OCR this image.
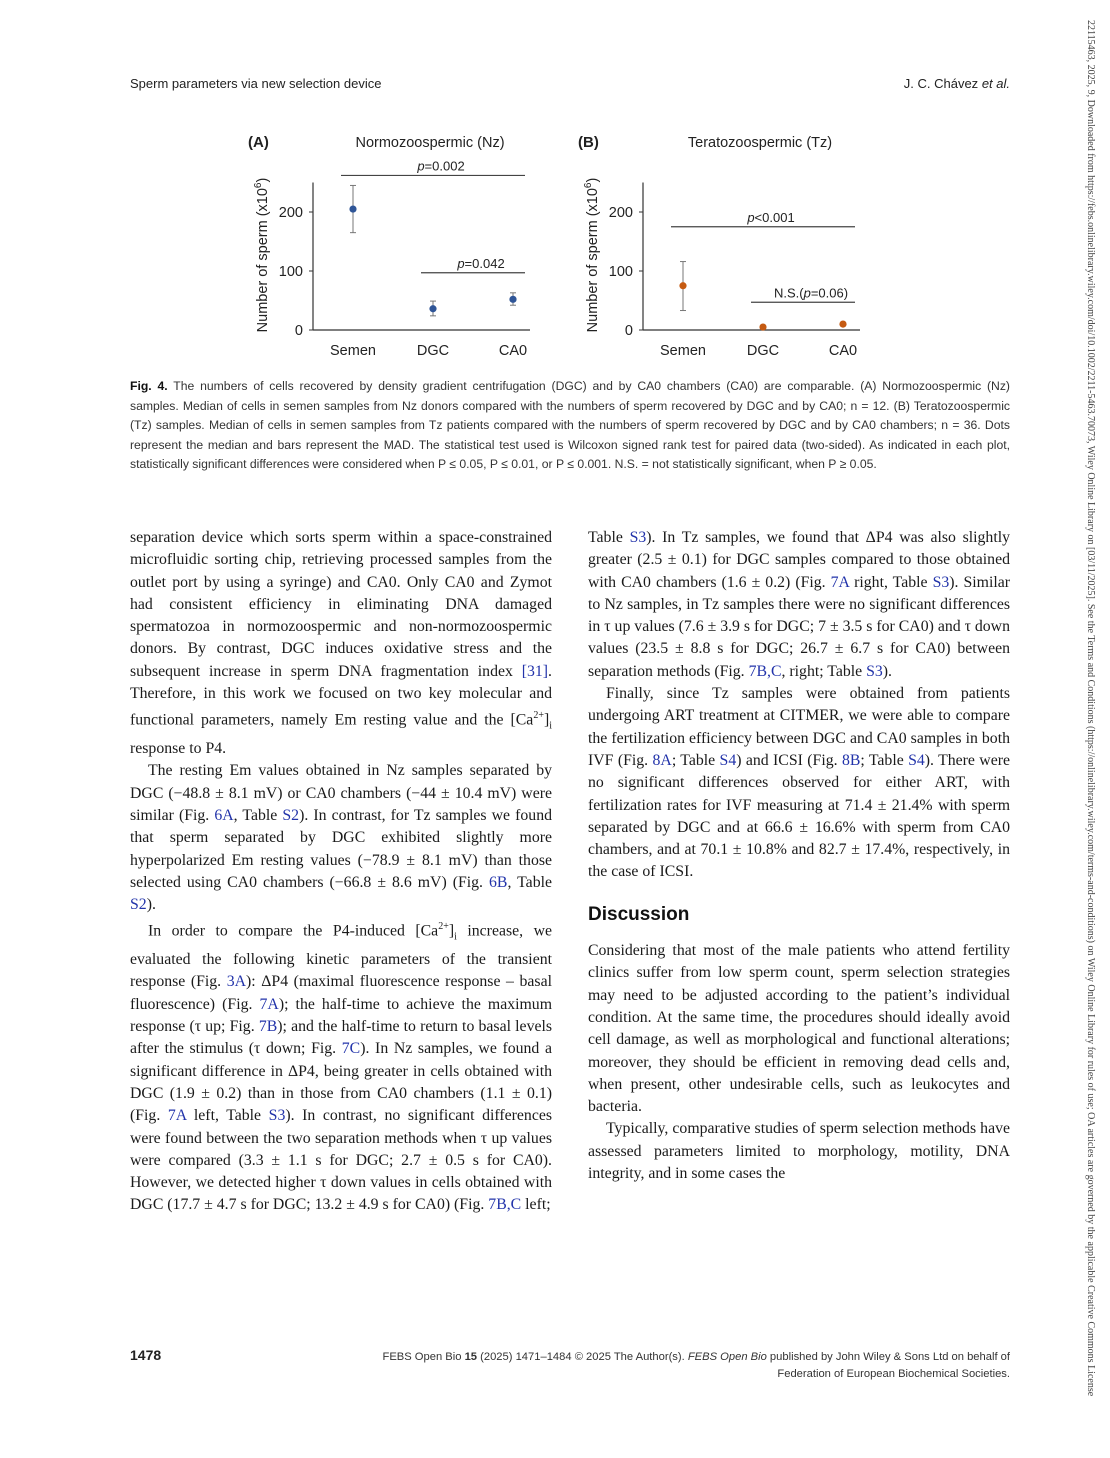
Sperm parameters via new selection device	J. C. Chávez et al.
(A)	Normozoospermic (Nz)
Number of sperm $(x10^6)$
0
100
200
Semen	DGC	CA0
p=0.002
p=0.042
(B)	Teratozoospermic (Tz)
Number of sperm $(x10^6)$
0
100
200
Semen	DGC	CA0
p<0.001
N.S.(p=0.06)
Fig. 4. The numbers of cells recovered by density gradient centrifugation (DGC) and by CA0 chambers (CA0) are comparable. (A) Normozoospermic (Nz) samples. Median of cells in semen samples from Nz donors compared with the numbers of sperm recovered by DGC and by CA0; n = 12. (B) Teratozoospermic (Tz) samples. Median of cells in semen samples from Tz patients compared with the numbers of sperm recovered by DGC and by CA0 chambers; n = 36. Dots represent the median and bars represent the MAD. The statistical test used is Wilcoxon signed rank test for paired data (two-sided). As indicated in each plot, statistically significant differences were considered when P ≤ 0.05, P ≤ 0.01, or P ≤ 0.001. N.S. = not statistically significant, when P ≥ 0.05.

separation device which sorts sperm within a space-constrained microfluidic sorting chip, retrieving processed samples from the outlet port by using a syringe) and CA0. Only CA0 and Zymot had consistent efficiency in eliminating DNA damaged spermatozoa in normozoospermic and non-normozoospermic donors. By contrast, DGC induces oxidative stress and the subsequent increase in sperm DNA fragmentation index [31]. Therefore, in this work we focused on two key molecular and functional parameters, namely Em resting value and the $[Ca^{2+}]_i$ response to P4.

The resting Em values obtained in Nz samples separated by DGC (−48.8 ± 8.1 mV) or CA0 chambers (−44 ± 10.4 mV) were similar (Fig. 6A, Table S2). In contrast, for Tz samples we found that sperm separated by DGC exhibited slightly more hyperpolarized Em resting values (−78.9 ± 8.1 mV) than those selected using CA0 chambers (−66.8 ± 8.6 mV) (Fig. 6B, Table S2).

In order to compare the P4-induced $[Ca^{2+}]_i$ increase, we evaluated the following kinetic parameters of the transient response (Fig. 3A): ΔP4 (maximal fluorescence response – basal fluorescence) (Fig. 7A); the half-time to achieve the maximum response (τ up; Fig. 7B); and the half-time to return to basal levels after the stimulus (τ down; Fig. 7C). In Nz samples, we found a significant difference in ΔP4, being greater in cells obtained with DGC (1.9 ± 0.2) than in those from CA0 chambers (1.1 ± 0.1) (Fig. 7A left, Table S3). In contrast, no significant differences were found between the two separation methods when τ up values were compared (3.3 ± 1.1 s for DGC; 2.7 ± 0.5 s for CA0). However, we detected higher τ down values in cells obtained with DGC (17.7 ± 4.7 s for DGC; 13.2 ± 4.9 s for CA0) (Fig. 7B,C left;

Table S3). In Tz samples, we found that ΔP4 was also slightly greater (2.5 ± 0.1) for DGC samples compared to those obtained with CA0 chambers (1.6 ± 0.2) (Fig. 7A right, Table S3). Similar to Nz samples, in Tz samples there were no significant differences in τ up values (7.6 ± 3.9 s for DGC; 7 ± 3.5 s for CA0) and τ down values (23.5 ± 8.8 s for DGC; 26.7 ± 6.7 s for CA0) between separation methods (Fig. 7B,C, right; Table S3).

Finally, since Tz samples were obtained from patients undergoing ART treatment at CITMER, we were able to compare the fertilization efficiency between DGC and CA0 samples in both IVF (Fig. 8A; Table S4) and ICSI (Fig. 8B; Table S4). There were no significant differences observed for either ART, with fertilization rates for IVF measuring at 71.4 ± 21.4% with sperm separated by DGC and at 66.6 ± 16.6% with sperm from CA0 chambers, and at 70.1 ± 10.8% and 82.7 ± 17.4%, respectively, in the case of ICSI.

Discussion

Considering that most of the male patients who attend fertility clinics suffer from low sperm count, sperm selection strategies may need to be adjusted according to the patient’s individual condition. At the same time, the procedures should ideally avoid cell damage, as well as morphological and functional alterations; moreover, they should be efficient in removing dead cells and, when present, other undesirable cells, such as leukocytes and bacteria.

Typically, comparative studies of sperm selection methods have assessed parameters limited to morphology, motility, DNA integrity, and in some cases the

1478	FEBS Open Bio 15 (2025) 1471–1484 © 2025 The Author(s). FEBS Open Bio published by John Wiley & Sons Ltd on behalf of
Federation of European Biochemical Societies.	22115463, 2025, 9, Downloaded from https://febs.onlinelibrary.wiley.com/doi/10.1002/2211-5463.70073, Wiley Online Library on [03/11/2025]. See the Terms and Conditions (https://onlinelibrary.wiley.com/terms-and-conditions) on Wiley Online Library for rules of use; OA articles are governed by the applicable Creative Commons License
